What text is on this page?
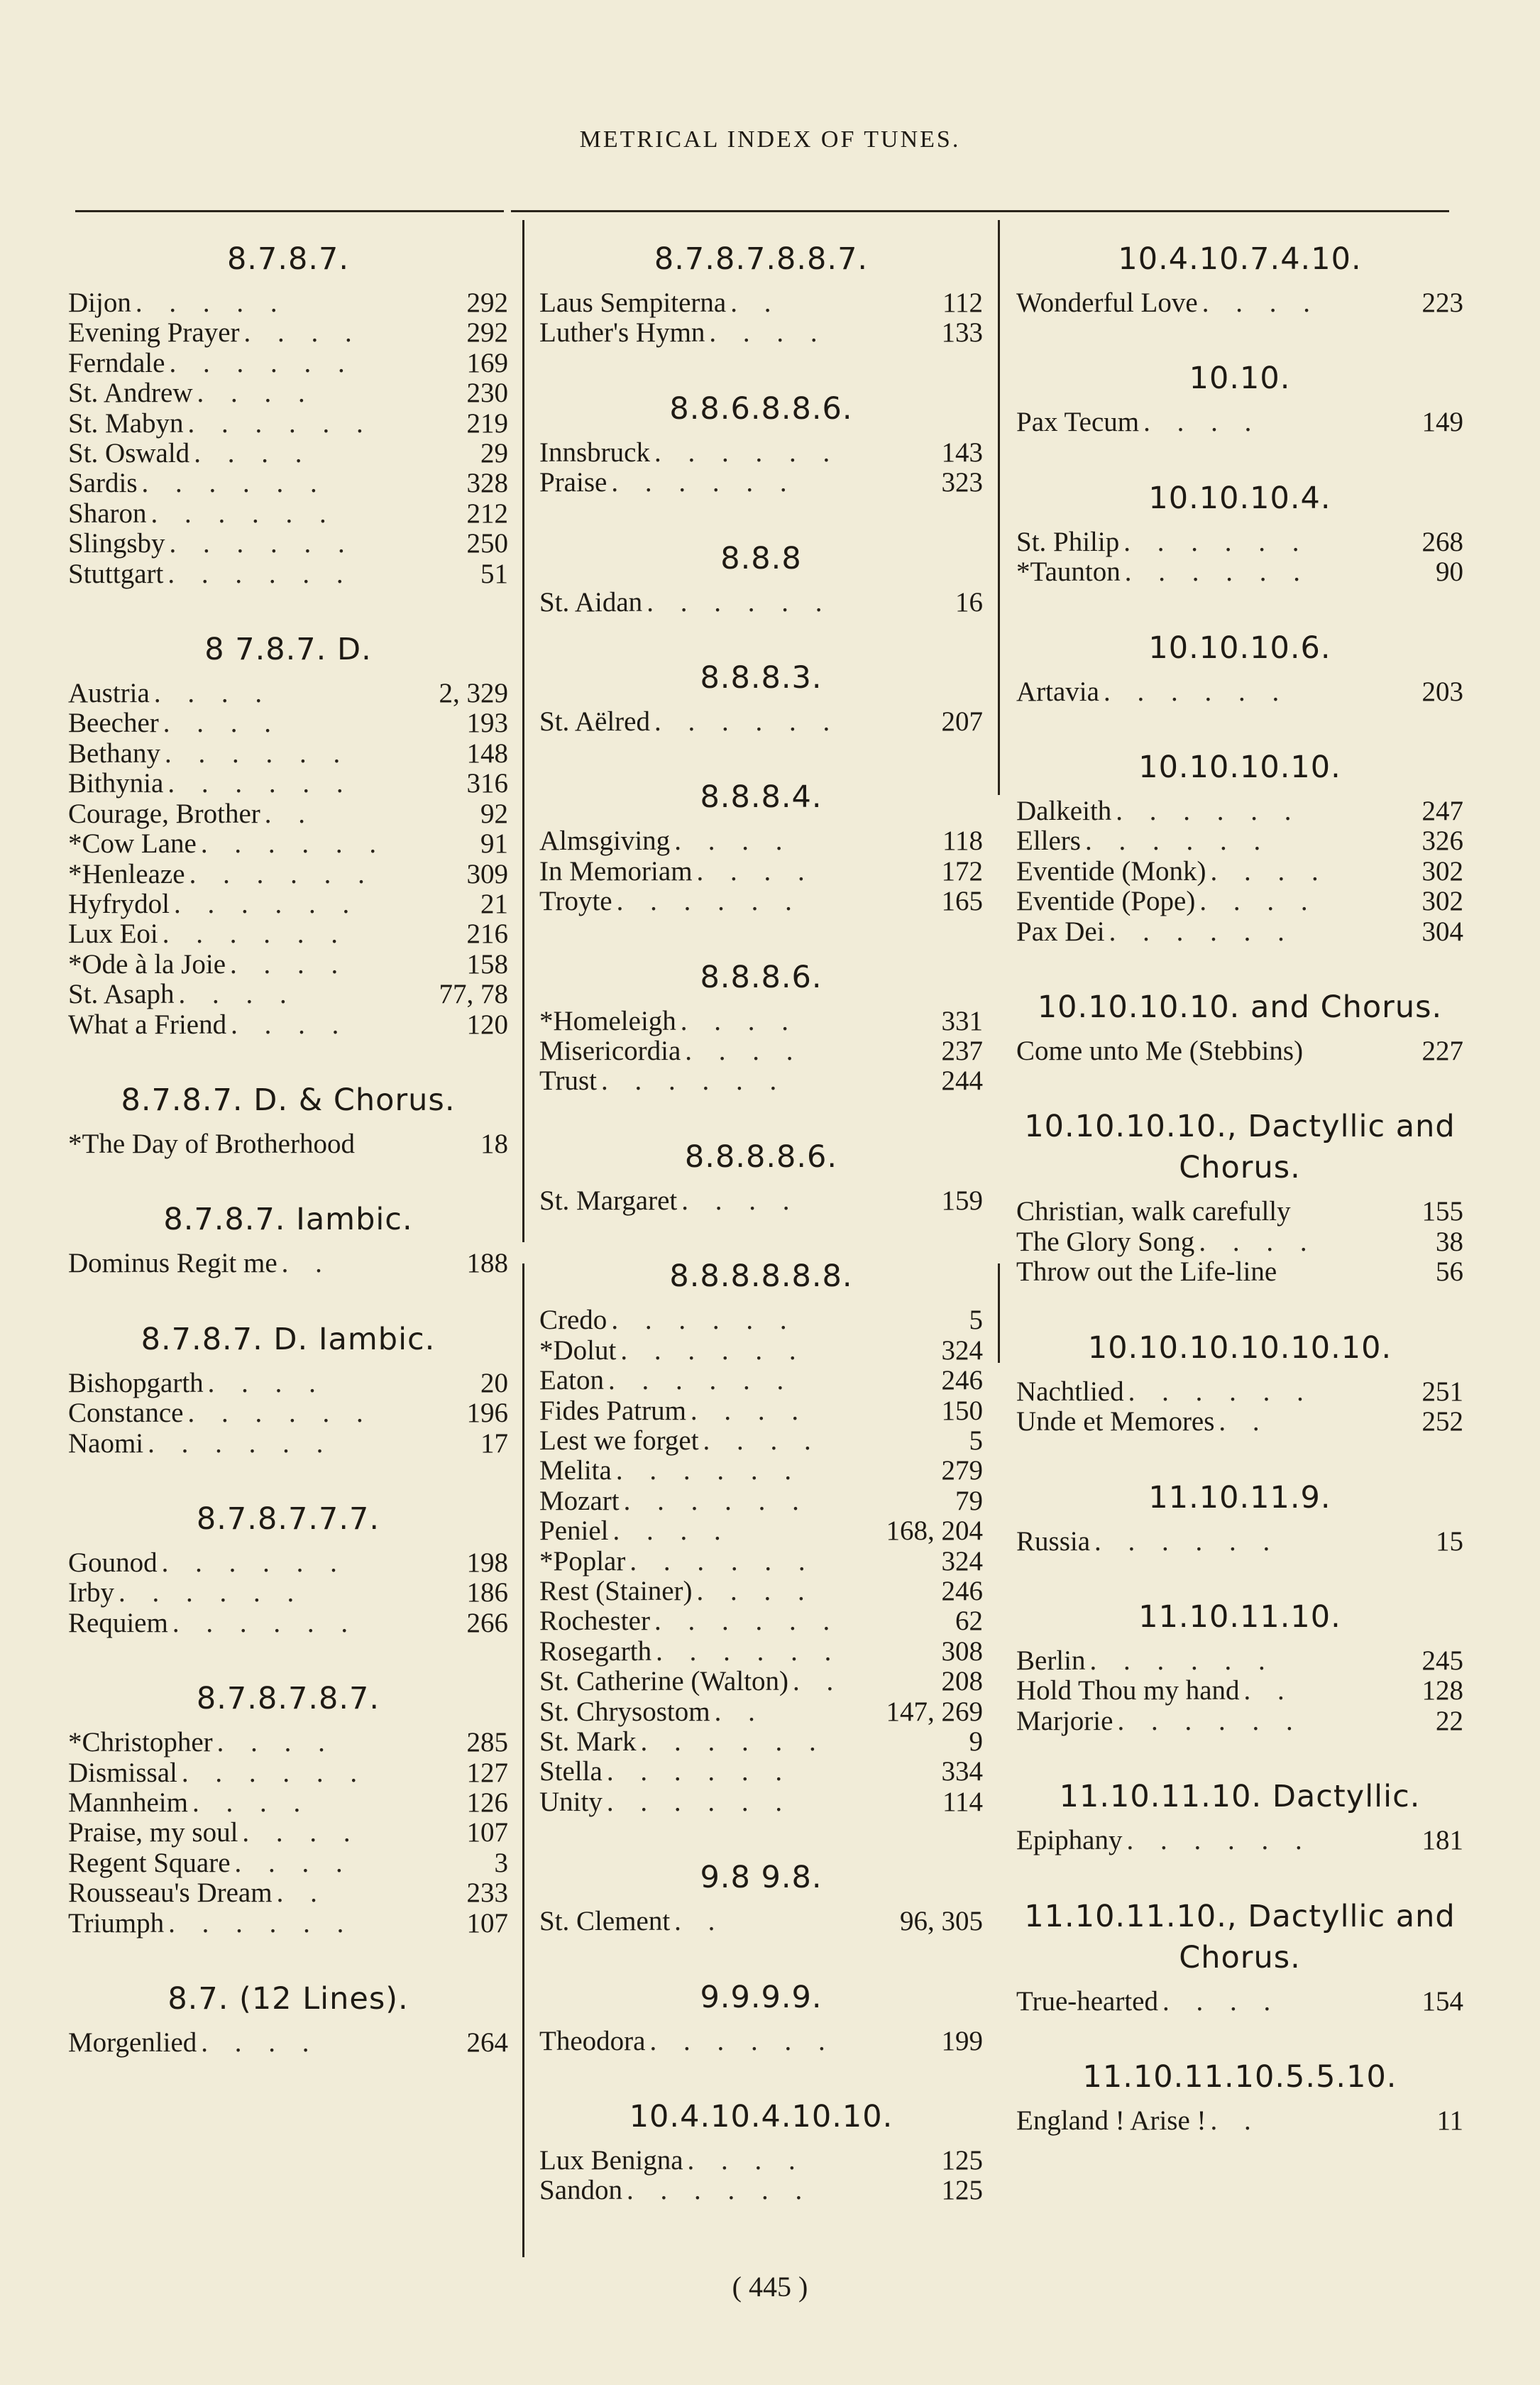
METRICAL INDEX OF TUNES.
8.7.8.7.
Dijon . . . . .	292
Evening Prayer . . . .	292
Ferndale . . . . . .	169
St. Andrew . . . .	230
St. Mabyn . . . . . .	219
St. Oswald . . . .	29
Sardis . . . . . .	328
Sharon . . . . . .	212
Slingsby . . . . . .	250
Stuttgart . . . . . .	51
8 7.8.7. D.
Austria . . . .	2, 329
Beecher . . . .	193
Bethany . . . . . .	148
Bithynia . . . . . .	316
Courage, Brother . .	92
*Cow Lane . . . . . .	91
*Henleaze . . . . . .	309
Hyfrydol . . . . . .	21
Lux Eoi . . . . . .	216
*Ode à la Joie . . . .	158
St. Asaph . . . .	77, 78
What a Friend . . . .	120
8.7.8.7. D. & Chorus.
*The Day of Brotherhood	18
8.7.8.7. Iambic.
Dominus Regit me . .	188
8.7.8.7. D. Iambic.
Bishopgarth . . . .	20
Constance . . . . . .	196
Naomi . . . . . .	17
8.7.8.7.7.7.
Gounod . . . . . .	198
Irby . . . . . .	186
Requiem . . . . . .	266
8.7.8.7.8.7.
*Christopher . . . .	285
Dismissal . . . . . .	127
Mannheim . . . .	126
Praise, my soul . . . .	107
Regent Square . . . .	3
Rousseau's Dream . .	233
Triumph . . . . . .	107
8.7. (12 Lines).
Morgenlied . . . .	264
8.7.8.7.8.8.7.
Laus Sempiterna . .	112
Luther's Hymn . . . .	133
8.8.6.8.8.6.
Innsbruck . . . . . .	143
Praise . . . . . .	323
8.8.8
St. Aidan . . . . . .	16
8.8.8.3.
St. Aëlred . . . . . .	207
8.8.8.4.
Almsgiving . . . .	118
In Memoriam . . . .	172
Troyte . . . . . .	165
8.8.8.6.
*Homeleigh . . . .	331
Misericordia . . . .	237
Trust . . . . . .	244
8.8.8.8.6.
St. Margaret . . . .	159
8.8.8.8.8.8.
Credo . . . . . .	5
*Dolut . . . . . .	324
Eaton . . . . . .	246
Fides Patrum . . . .	150
Lest we forget . . . .	5
Melita . . . . . .	279
Mozart . . . . . .	79
Peniel . . . .	168, 204
*Poplar . . . . . .	324
Rest (Stainer) . . . .	246
Rochester . . . . . .	62
Rosegarth . . . . . .	308
St. Catherine (Walton) . .	208
St. Chrysostom . .	147, 269
St. Mark . . . . . .	9
Stella . . . . . .	334
Unity . . . . . .	114
9.8 9.8.
St. Clement . .	96, 305
9.9.9.9.
Theodora . . . . . .	199
10.4.10.4.10.10.
Lux Benigna . . . .	125
Sandon . . . . . .	125
10.4.10.7.4.10.
Wonderful Love . . . .	223
10.10.
Pax Tecum . . . .	149
10.10.10.4.
St. Philip . . . . . .	268
*Taunton . . . . . .	90
10.10.10.6.
Artavia . . . . . .	203
10.10.10.10.
Dalkeith . . . . . .	247
Ellers . . . . . .	326
Eventide (Monk) . . . .	302
Eventide (Pope) . . . .	302
Pax Dei . . . . . .	304
10.10.10.10. and Chorus.
Come unto Me (Stebbins)	227
10.10.10.10., Dactyllic and Chorus.
Christian, walk carefully	155
The Glory Song . . . .	38
Throw out the Life-line	56
10.10.10.10.10.10.
Nachtlied . . . . . .	251
Unde et Memores . .	252
11.10.11.9.
Russia . . . . . .	15
11.10.11.10.
Berlin . . . . . .	245
Hold Thou my hand . .	128
Marjorie . . . . . .	22
11.10.11.10. Dactyllic.
Epiphany . . . . . .	181
11.10.11.10., Dactyllic and Chorus.
True-hearted . . . .	154
11.10.11.10.5.5.10.
England ! Arise ! . .	11
( 445 )
